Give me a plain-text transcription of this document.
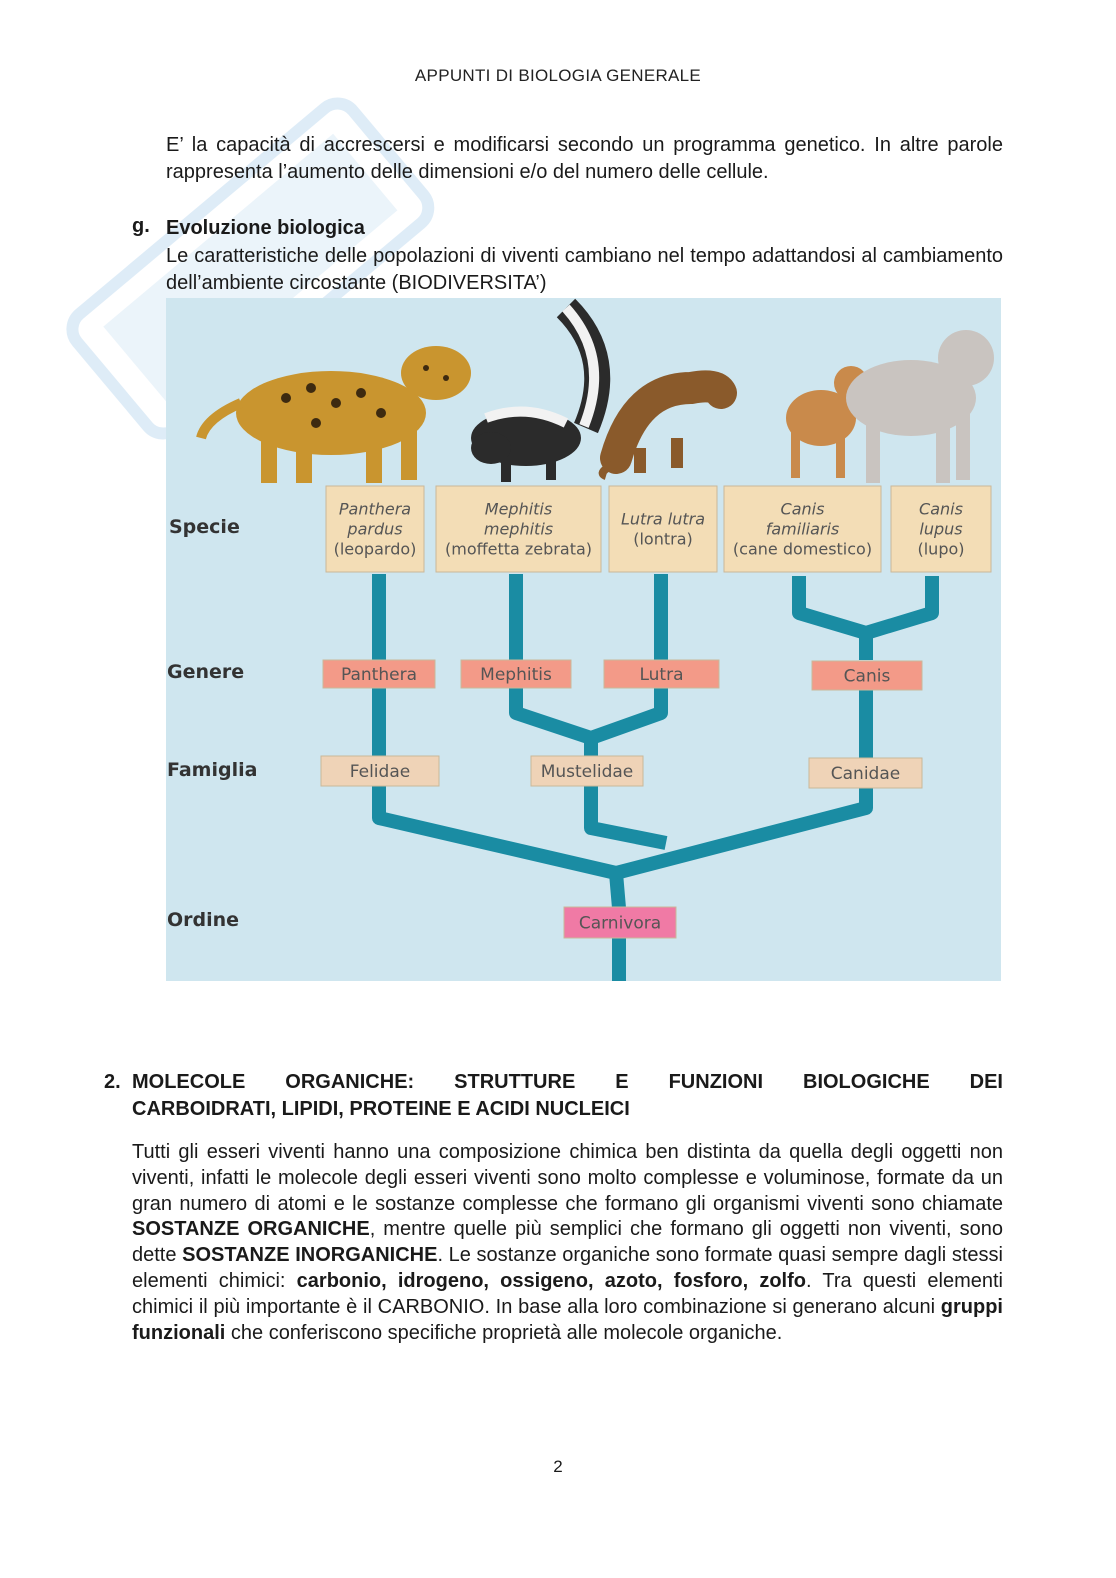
APPUNTI DI BIOLOGIA GENERALE
E’ la capacità di accrescersi e modificarsi secondo un programma genetico. In altre parole rappresenta l’aumento delle dimensioni e/o del numero delle cellule.
g. Evoluzione biologica
Le caratteristiche delle popolazioni di viventi cambiano nel tempo adattandosi al cambiamento dell’ambiente circostante (BIODIVERSITA’)
Specie
Genere
Famiglia
Ordine
Panthera
pardus
(leopardo)
Mephitis
mephitis
(moffetta zebrata)
Lutra lutra
(lontra)
Canis
familiaris
(cane domestico)
Canis
lupus
(lupo)
Panthera	Mephitis	Lutra	Canis
Felidae	Mustelidae	Canidae
Carnivora
2. MOLECOLE ORGANICHE: STRUTTURE E FUNZIONI BIOLOGICHE DEI
CARBOIDRATI, LIPIDI, PROTEINE E ACIDI NUCLEICI
Tutti gli esseri viventi hanno una composizione chimica ben distinta da quella degli oggetti non viventi, infatti le molecole degli esseri viventi sono molto complesse e voluminose, formate da un gran numero di atomi e le sostanze complesse che formano gli organismi viventi sono chiamate SOSTANZE ORGANICHE, mentre quelle più semplici che formano gli oggetti non viventi, sono dette SOSTANZE INORGANICHE. Le sostanze organiche sono formate quasi sempre dagli stessi elementi chimici: carbonio, idrogeno, ossigeno, azoto, fosforo, zolfo. Tra questi elementi chimici il più importante è il CARBONIO. In base alla loro combinazione si generano alcuni gruppi funzionali che conferiscono specifiche proprietà alle molecole organiche.
2
